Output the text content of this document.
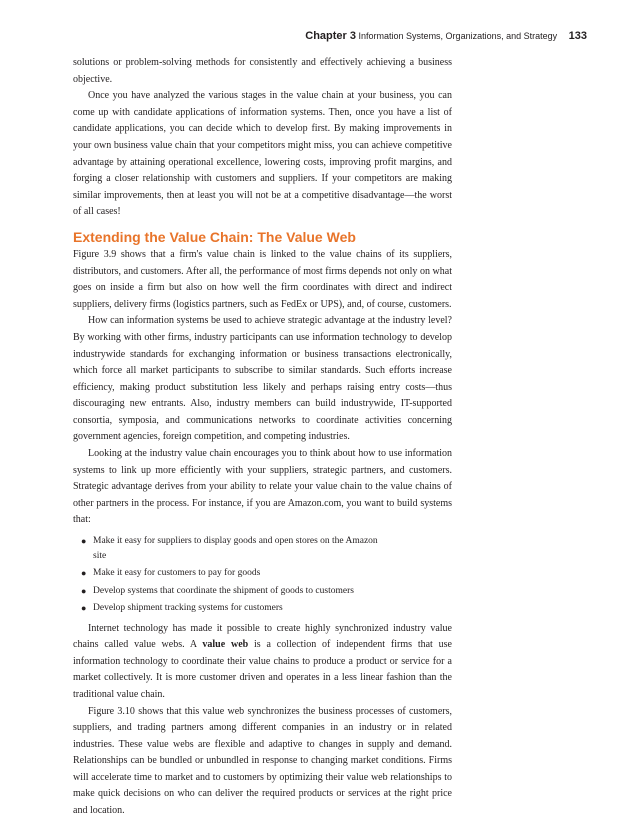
Chapter 3 Information Systems, Organizations, and Strategy 133

solutions or problem-solving methods for consistently and effectively achieving a business objective.

Once you have analyzed the various stages in the value chain at your business, you can come up with candidate applications of information systems. Then, once you have a list of candidate applications, you can decide which to develop first. By making improvements in your own business value chain that your competitors might miss, you can achieve competitive advantage by attaining operational excellence, lowering costs, improving profit margins, and forging a closer relationship with customers and suppliers. If your competitors are making similar improvements, then at least you will not be at a competitive disadvantage—the worst of all cases!

Extending the Value Chain: The Value Web

Figure 3.9 shows that a firm's value chain is linked to the value chains of its suppliers, distributors, and customers. After all, the performance of most firms depends not only on what goes on inside a firm but also on how well the firm coordinates with direct and indirect suppliers, delivery firms (logistics partners, such as FedEx or UPS), and, of course, customers.

How can information systems be used to achieve strategic advantage at the industry level? By working with other firms, industry participants can use information technology to develop industrywide standards for exchanging information or business transactions electronically, which force all market participants to subscribe to similar standards. Such efforts increase efficiency, making product substitution less likely and perhaps raising entry costs—thus discouraging new entrants. Also, industry members can build industrywide, IT-supported consortia, symposia, and communications networks to coordinate activities concerning government agencies, foreign competition, and competing industries.

Looking at the industry value chain encourages you to think about how to use information systems to link up more efficiently with your suppliers, strategic partners, and customers. Strategic advantage derives from your ability to relate your value chain to the value chains of other partners in the process. For instance, if you are Amazon.com, you want to build systems that:

● Make it easy for suppliers to display goods and open stores on the Amazon site
● Make it easy for customers to pay for goods
● Develop systems that coordinate the shipment of goods to customers
● Develop shipment tracking systems for customers

Internet technology has made it possible to create highly synchronized industry value chains called value webs. A value web is a collection of independent firms that use information technology to coordinate their value chains to produce a product or service for a market collectively. It is more customer driven and operates in a less linear fashion than the traditional value chain.

Figure 3.10 shows that this value web synchronizes the business processes of customers, suppliers, and trading partners among different companies in an industry or in related industries. These value webs are flexible and adaptive to changes in supply and demand. Relationships can be bundled or unbundled in response to changing market conditions. Firms will accelerate time to market and to customers by optimizing their value web relationships to make quick decisions on who can deliver the required products or services at the right price and location.
